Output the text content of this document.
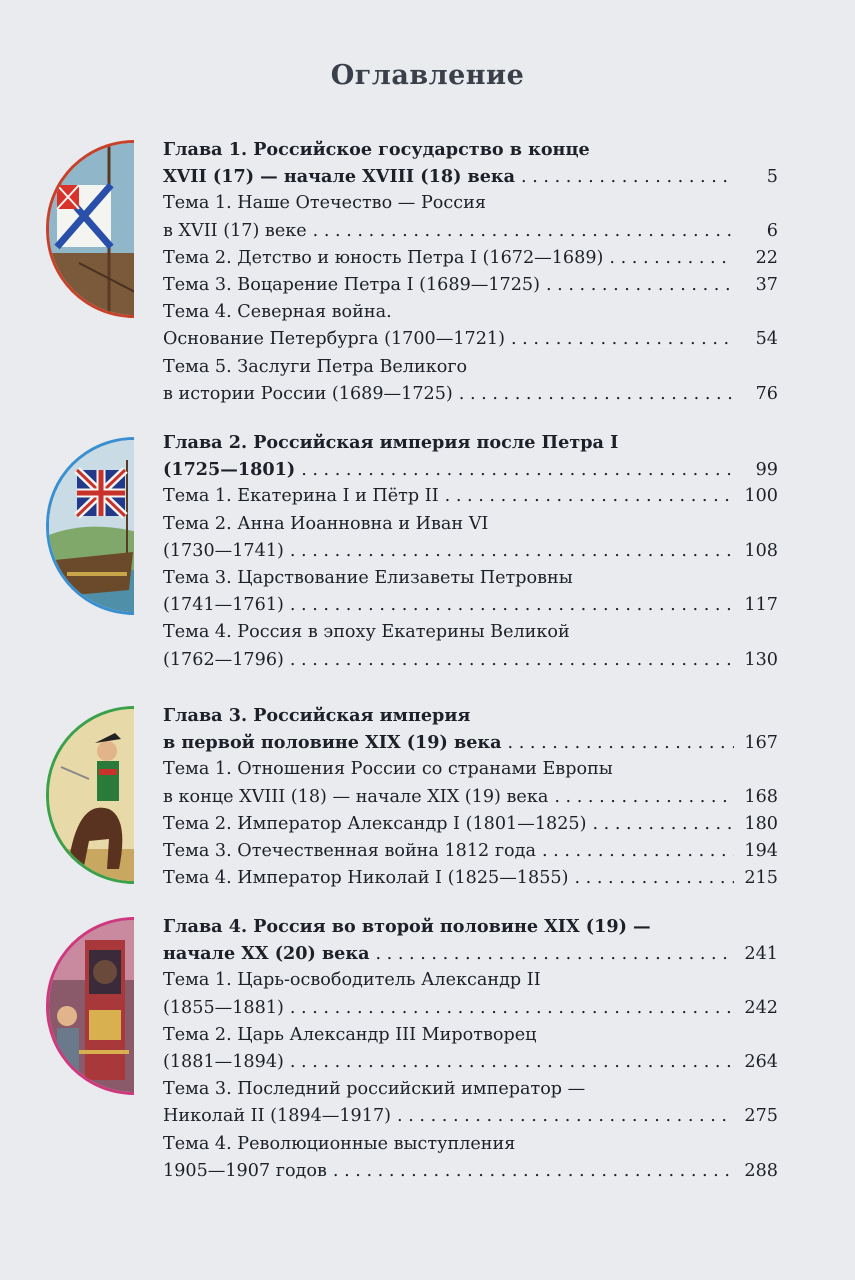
Оглавление
Глава 1. Российское государство в конце
XVII (17) — начале XVIII (18) века . . .	5
Тема 1. Наше Отечество — Россия
в XVII (17) веке . . .	6
Тема 2. Детство и юность Петра I (1672—1689) . . .	22
Тема 3. Воцарение Петра I (1689—1725) . . .	37
Тема 4. Северная война.
Основание Петербурга (1700—1721) . . .	54
Тема 5. Заслуги Петра Великого
в истории России (1689—1725) . . .	76
Глава 2. Российская империя после Петра I
(1725—1801) . . .	99
Тема 1. Екатерина I и Пётр II . . .	100
Тема 2. Анна Иоанновна и Иван VI
(1730—1741) . . .	108
Тема 3. Царствование Елизаветы Петровны
(1741—1761) . . .	117
Тема 4. Россия в эпоху Екатерины Великой
(1762—1796) . . .	130
Глава 3. Российская империя
в первой половине XIX (19) века . . .	167
Тема 1. Отношения России со странами Европы
в конце XVIII (18) — начале XIX (19) века . . .	168
Тема 2. Император Александр I (1801—1825) . . .	180
Тема 3. Отечественная война 1812 года . . .	194
Тема 4. Император Николай I (1825—1855) . . .	215
Глава 4. Россия во второй половине XIX (19) —
начале XX (20) века . . .	241
Тема 1. Царь-освободитель Александр II
(1855—1881) . . .	242
Тема 2. Царь Александр III Миротворец
(1881—1894) . . .	264
Тема 3. Последний российский император —
Николай II (1894—1917) . . .	275
Тема 4. Революционные выступления
1905—1907 годов . . .	288
